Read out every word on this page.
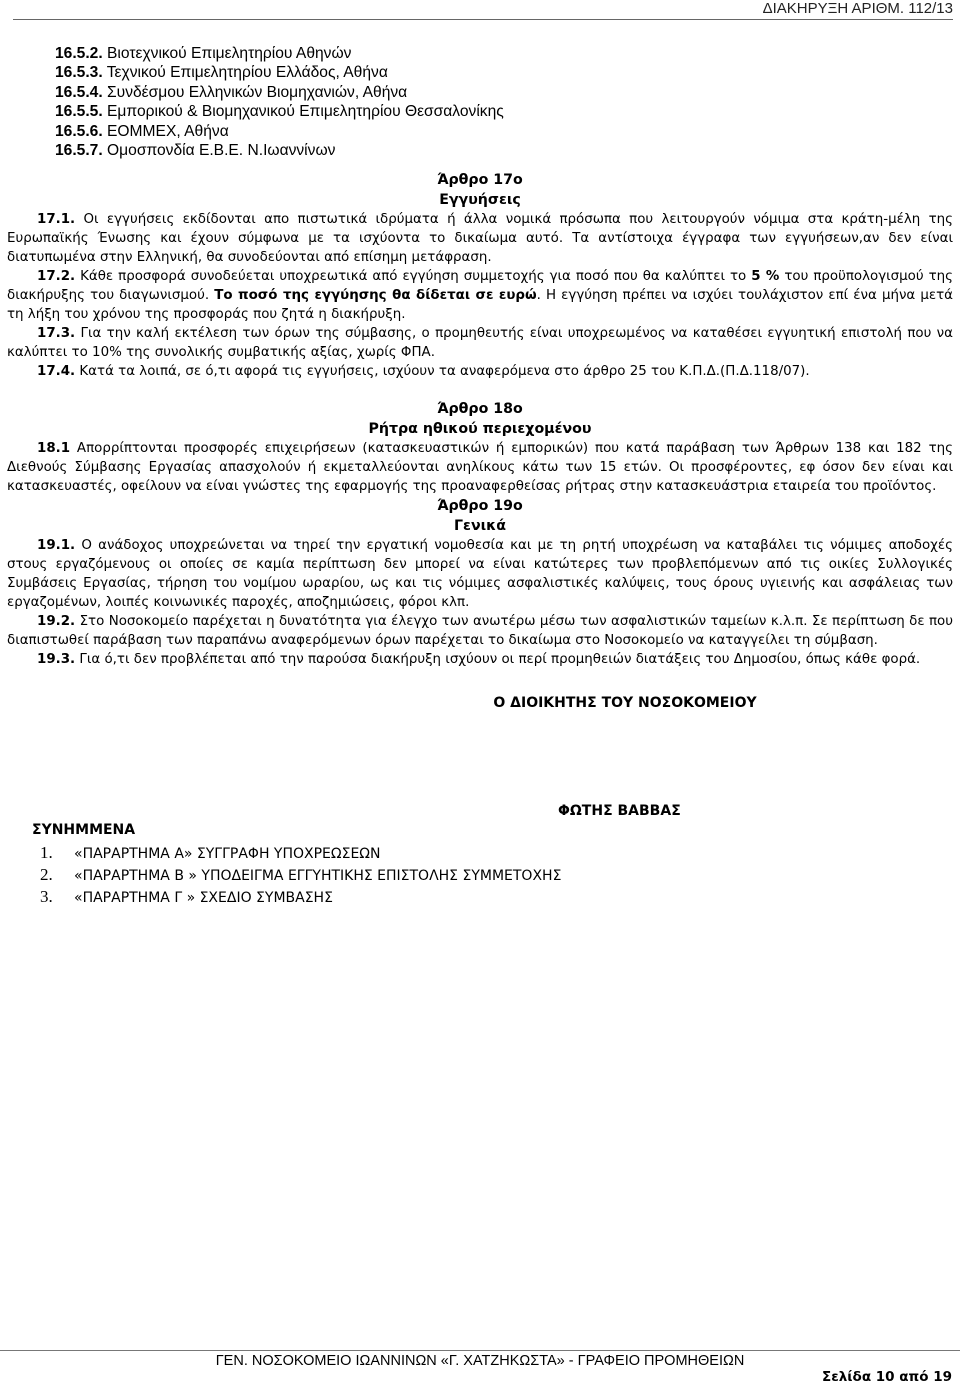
ΔΙΑΚΗΡΥΞΗ ΑΡΙΘΜ. 112/13
16.5.2. Βιοτεχνικού Επιμελητηρίου Αθηνών
16.5.3. Τεχνικού Επιμελητηρίου Ελλάδος, Αθήνα
16.5.4. Συνδέσμου Ελληνικών Βιομηχανιών, Αθήνα
16.5.5. Εμπορικού & Βιομηχανικού Επιμελητηρίου Θεσσαλονίκης
16.5.6. ΕΟΜΜΕΧ, Αθήνα
16.5.7. Ομοσπονδία Ε.Β.Ε. Ν.Ιωαννίνων
Άρθρο 17ο
Εγγυήσεις

17.1. Οι εγγυήσεις εκδίδονται απο πιστωτικά ιδρύματα ή άλλα νομικά πρόσωπα που λειτουργούν νόμιμα στα κράτη-μέλη της Ευρωπαϊκής Ένωσης και έχουν σύμφωνα με τα ισχύοντα το δικαίωμα αυτό. Τα αντίστοιχα έγγραφα των εγγυήσεων,αν δεν είναι διατυπωμένα στην Ελληνική, θα συνοδεύονται από επίσημη μετάφραση.

17.2. Κάθε προσφορά συνοδεύεται υποχρεωτικά από εγγύηση συμμετοχής για ποσό που θα καλύπτει το 5 % του προϋπολογισμού της διακήρυξης του διαγωνισμού. Το ποσό της εγγύησης θα δίδεται σε ευρώ. Η εγγύηση πρέπει να ισχύει τουλάχιστον επί ένα μήνα μετά τη λήξη του χρόνου της προσφοράς που ζητά η διακήρυξη.

17.3. Για την καλή εκτέλεση των όρων της σύμβασης, ο προμηθευτής είναι υποχρεωμένος να καταθέσει εγγυητική επιστολή που να καλύπτει το 10% της συνολικής συμβατικής αξίας, χωρίς ΦΠΑ.

17.4. Κατά τα λοιπά, σε ό,τι αφορά τις εγγυήσεις, ισχύουν τα αναφερόμενα στο άρθρο 25 του Κ.Π.Δ.(Π.Δ.118/07).

Άρθρο 18ο
Ρήτρα ηθικού περιεχομένου

18.1 Απορρίπτονται προσφορές επιχειρήσεων (κατασκευαστικών ή εμπορικών) που κατά παράβαση των Άρθρων 138 και 182 της Διεθνούς Σύμβασης Εργασίας απασχολούν ή εκμεταλλεύονται ανηλίκους κάτω των 15 ετών. Οι προσφέροντες, εφ όσον δεν είναι και κατασκευαστές, οφείλουν να είναι γνώστες της εφαρμογής της προαναφερθείσας ρήτρας στην κατασκευάστρια εταιρεία του προϊόντος.

Άρθρο 19ο
Γενικά

19.1. Ο ανάδοχος υποχρεώνεται να τηρεί την εργατική νομοθεσία και με τη ρητή υποχρέωση να καταβάλει τις νόμιμες αποδοχές στους εργαζόμενους οι οποίες σε καμία περίπτωση δεν μπορεί να είναι κατώτερες των προβλεπόμενων από τις οικίες Συλλογικές Συμβάσεις Εργασίας, τήρηση του νομίμου ωραρίου, ως και τις νόμιμες ασφαλιστικές καλύψεις, τους όρους υγιεινής και ασφάλειας των εργαζομένων, λοιπές κοινωνικές παροχές, αποζημιώσεις, φόροι κλπ.

19.2. Στο Νοσοκομείο παρέχεται η δυνατότητα για έλεγχο των ανωτέρω μέσω των ασφαλιστικών ταμείων κ.λ.π. Σε περίπτωση δε που διαπιστωθεί παράβαση των παραπάνω αναφερόμενων όρων παρέχεται το δικαίωμα στο Νοσοκομείο να καταγγείλει τη σύμβαση.

19.3. Για ό,τι δεν προβλέπεται από την παρούσα διακήρυξη ισχύουν οι περί προμηθειών διατάξεις του Δημοσίου, όπως κάθε φορά.

Ο ΔΙΟΙΚΗΤΗΣ ΤΟΥ ΝΟΣΟΚΟΜΕΙΟΥ
ΦΩΤΗΣ ΒΑΒΒΑΣ
ΣΥΝΗΜΜΕΝΑ
1. «ΠΑΡΑΡΤΗΜΑ Α» ΣΥΓΓΡΑΦΗ ΥΠΟΧΡΕΩΣΕΩΝ
2. «ΠΑΡΑΡΤΗΜΑ Β » ΥΠΟΔΕΙΓΜΑ ΕΓΓΥΗΤΙΚΗΣ ΕΠΙΣΤΟΛΗΣ ΣΥΜΜΕΤΟΧΗΣ
3. «ΠΑΡΑΡΤΗΜΑ Γ » ΣΧΕΔΙΟ ΣΥΜΒΑΣΗΣ
ΓΕΝ. ΝΟΣΟΚΟΜΕΙΟ ΙΩΑΝΝΙΝΩΝ «Γ. ΧΑΤΖΗΚΩΣΤΑ» - ΓΡΑΦΕΙΟ ΠΡΟΜΗΘΕΙΩΝ
Σελίδα 10 από 19
